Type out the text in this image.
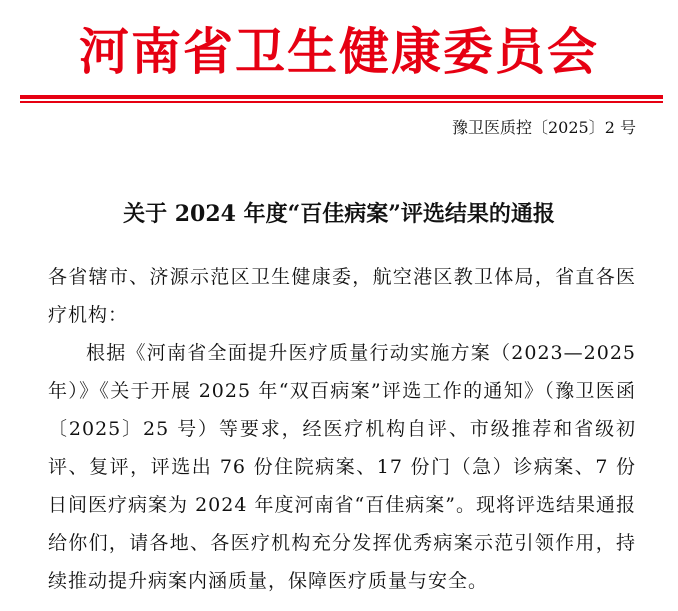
河南省卫生健康委员会
豫卫医质控〔2025〕2 号
关于 2024 年度“百佳病案”评选结果的通报

各省辖市、济源示范区卫生健康委，航空港区教卫体局，省直各医疗机构：

根据《河南省全面提升医疗质量行动实施方案（2023—2025年）》《关于开展 2025 年“双百病案”评选工作的通知》（豫卫医函〔2025〕25 号）等要求，经医疗机构自评、市级推荐和省级初评、复评，评选出 76 份住院病案、17 份门（急）诊病案、7 份日间医疗病案为 2024 年度河南省“百佳病案”。现将评选结果通报给你们，请各地、各医疗机构充分发挥优秀病案示范引领作用，持续推动提升病案内涵质量，保障医疗质量与安全。
